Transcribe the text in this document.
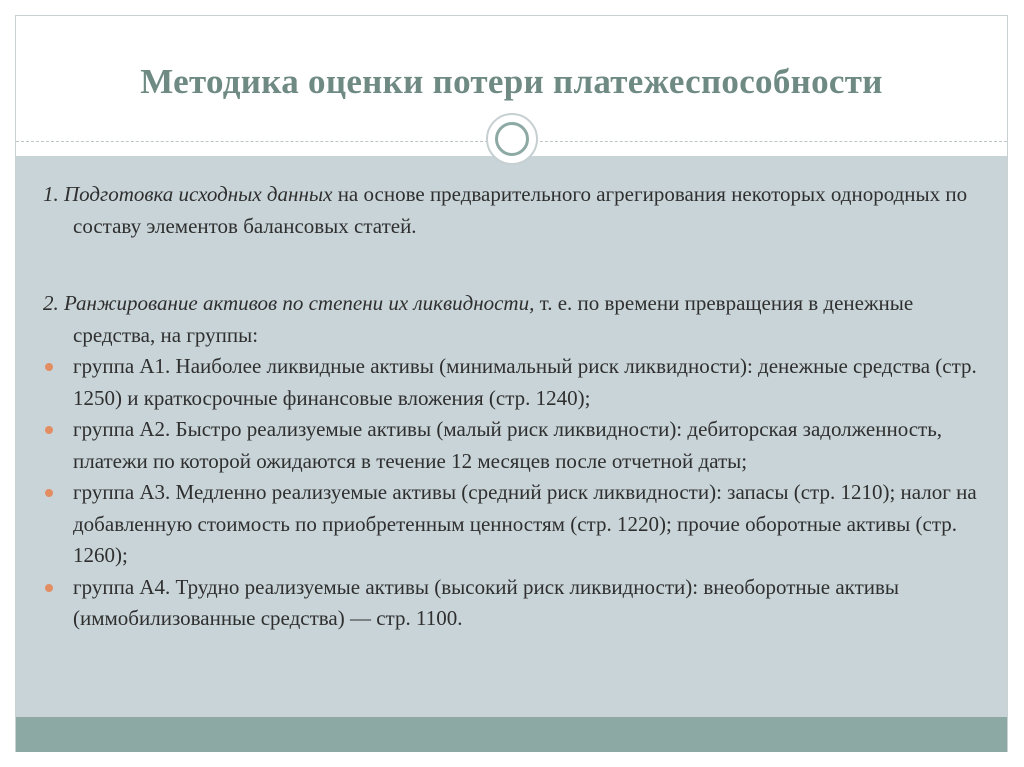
Методика оценки потери платежеспособности

1. Подготовка исходных данных на основе предварительного агрегирования некоторых однородных по составу элементов балансовых статей.

2. Ранжирование активов по степени их ликвидности, т. е. по времени превращения в денежные средства, на группы:

группа А1. Наиболее ликвидные активы (минимальный риск ликвидности): денежные средства (стр. 1250) и краткосрочные финансовые вложения (стр. 1240);
группа А2. Быстро реализуемые активы (малый риск ликвидности): дебиторская задолженность, платежи по которой ожидаются в течение 12 месяцев после отчетной даты;
группа А3. Медленно реализуемые активы (средний риск ликвидности): запасы (стр. 1210); налог на добавленную стоимость по приобретенным ценностям (стр. 1220); прочие оборотные активы (стр. 1260);
группа А4. Трудно реализуемые активы (высокий риск ликвидности): внеоборотные активы (иммобилизованные средства) — стр. 1100.
